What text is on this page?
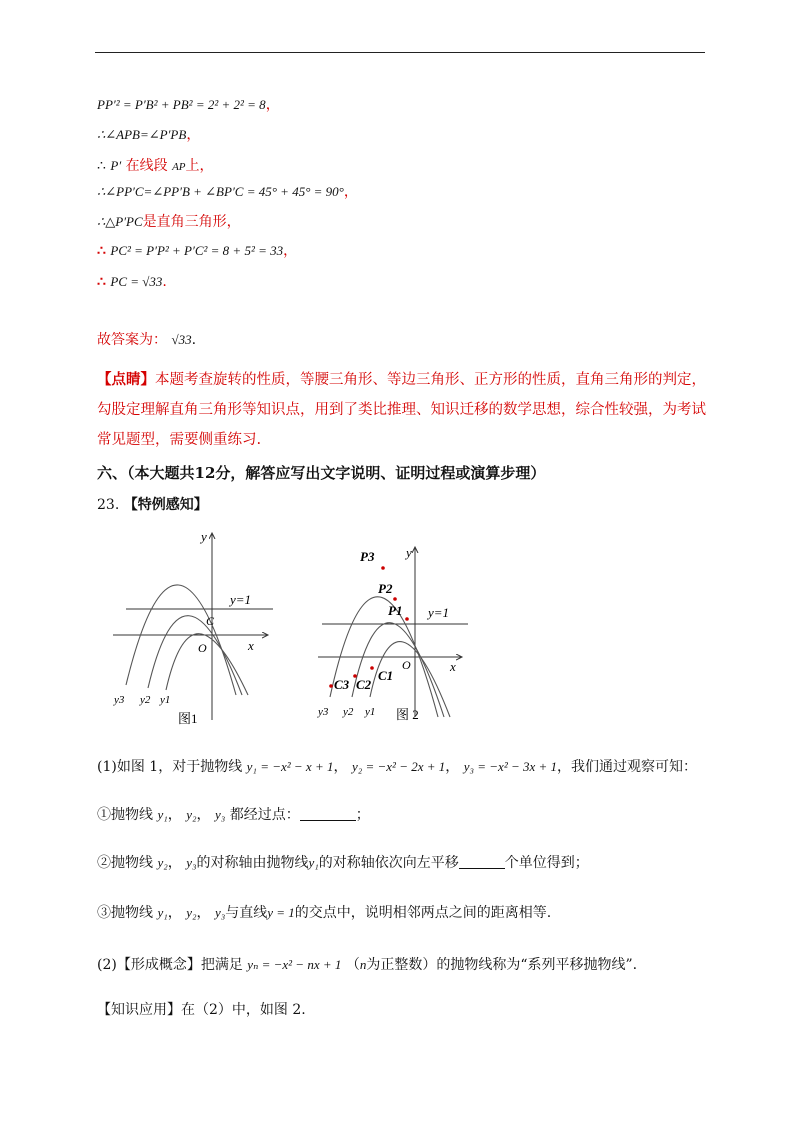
PP′² = P′B² + PB² = 2² + 2² = 8，
∴∠APB=∠P′PB，
∴ P′ 在线段 AP上，
∴∠PP′C=∠PP′B + ∠BP′C = 45° + 45° = 90°，
∴△P′PC是直角三角形，
∴ PC² = P′P² + P′C² = 8 + 5² = 33，
∴ PC = √33.
故答案为： √33.
【点睛】本题考查旋转的性质，等腰三角形、等边三角形、正方形的性质，直角三角形的判定，勾股定理解直角三角形等知识点，用到了类比推理、知识迁移的数学思想，综合性较强，为考试常见题型，需要侧重练习.
六、（本大题共12分，解答应写出文字说明、证明过程或演算步理）
23. 【特例感知】
y
x
y=1
C
O
y3 y2 y1
图1
y
x
y=1
O
P3
P2
P1
C3 C2
C1
y3 y2 y1 图 2
(1)如图 1，对于抛物线 y₁ = −x² − x + 1， y₂ = −x² − 2x + 1， y₃ = −x² − 3x + 1，我们通过观察可知：
①抛物线 y₁， y₂， y₃ 都经过点：	；
②抛物线 y₂， y₃的对称轴由抛物线y₁的对称轴依次向左平移	个单位得到；
③抛物线 y₁， y₂， y₃与直线y = 1的交点中，说明相邻两点之间的距离相等.
(2)【形成概念】把满足 yₙ = −x² − nx + 1 （n为正整数）的抛物线称为“系列平移抛物线”.
【知识应用】在（2）中，如图 2.
